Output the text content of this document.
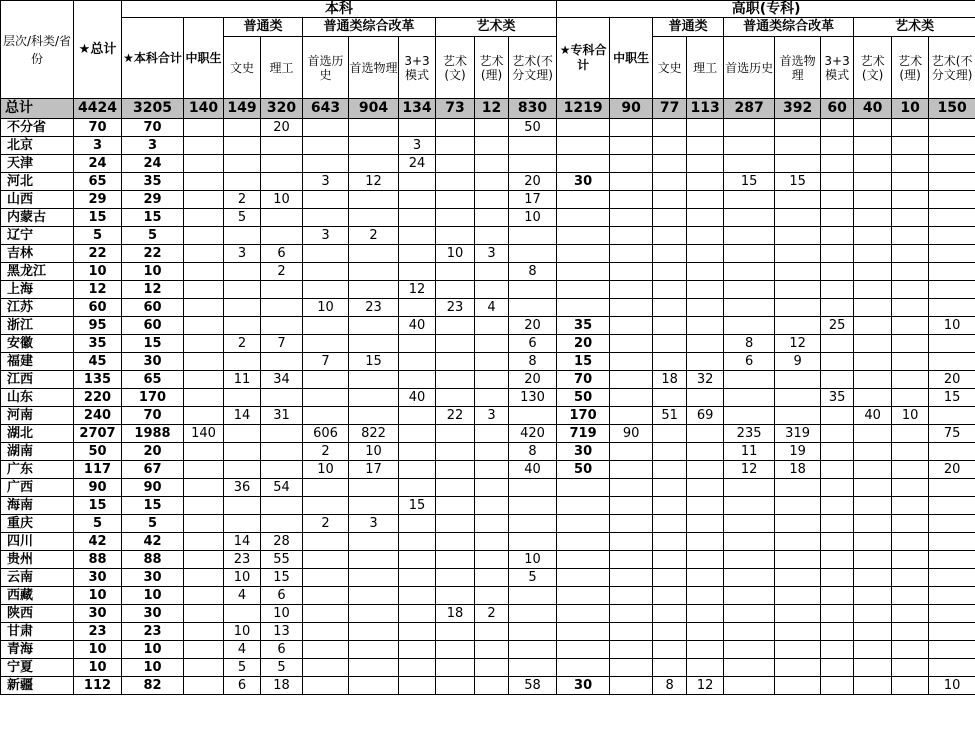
层次/科类/省份	★总计	本科										高职(专科)									
		★本科合计	中职生	普通类		普通类综合改革			艺术类			★专科合计	中职生	普通类		普通类综合改革			艺术类		
				文史	理工	首选历史	首选物理	3+3模式	艺术(文)	艺术(理)	艺术(不分文理)			文史	理工	首选历史	首选物理	3+3模式	艺术(文)	艺术(理)	艺术(不分文理)
总计	4424	3205	140	149	320	643	904	134	73	12	830	1219	90	77	113	287	392	60	40	10	150
不分省	70	70			20						50										
北京	3	3						3													
天津	24	24						24													
河北	65	35				3	12				20	30				15	15				
山西	29	29		2	10						17										
内蒙古	15	15		5							10										
辽宁	5	5				3	2														
吉林	22	22		3	6				10	3											
黑龙江	10	10			2						8										
上海	12	12						12													
江苏	60	60				10	23		23	4											
浙江	95	60						40			20	35						25			10
安徽	35	15		2	7						6	20				8	12				
福建	45	30				7	15				8	15				6	9				
江西	135	65		11	34						20	70		18	32						20
山东	220	170						40			130	50						35			15
河南	240	70		14	31				22	3		170		51	69				40	10	
湖北	2707	1988	140			606	822				420	719	90			235	319				75
湖南	50	20				2	10				8	30				11	19				
广东	117	67				10	17				40	50				12	18				20
广西	90	90		36	54																
海南	15	15						15													
重庆	5	5				2	3														
四川	42	42		14	28																
贵州	88	88		23	55						10										
云南	30	30		10	15						5										
西藏	10	10		4	6																
陕西	30	30			10				18	2											
甘肃	23	23		10	13																
青海	10	10		4	6																
宁夏	10	10		5	5																
新疆	112	82		6	18						58	30		8	12						10
